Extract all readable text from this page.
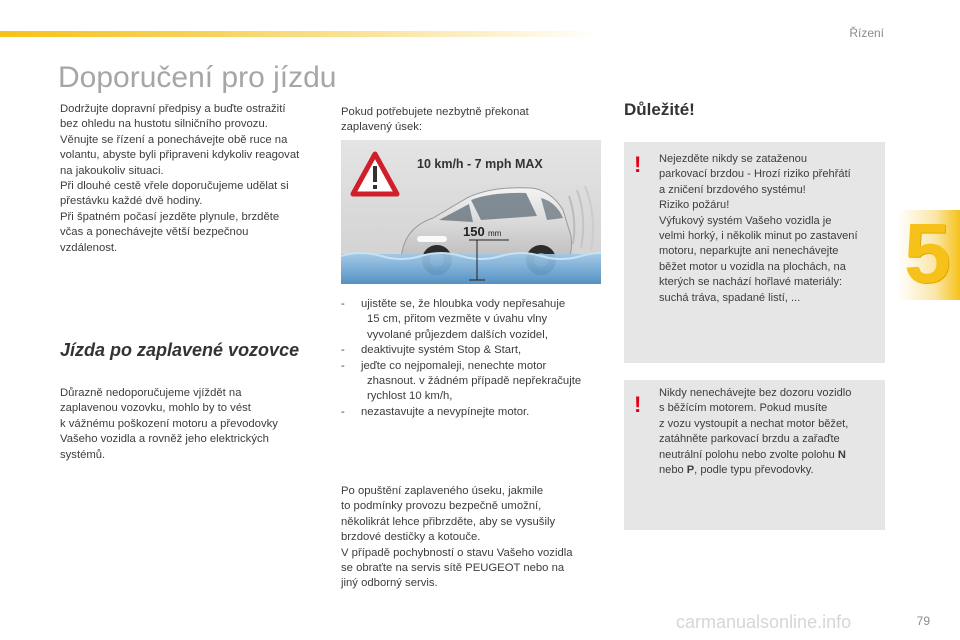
Řízení
5
Doporučení pro jízdu
Dodržujte dopravní předpisy a buďte ostražití
bez ohledu na hustotu silničního provozu.
Věnujte se řízení a ponechávejte obě ruce na
volantu, abyste byli připraveni kdykoliv reagovat
na jakoukoliv situaci.
Při dlouhé cestě vřele doporučujeme udělat si
přestávku každé dvě hodiny.
Při špatném počasí jezděte plynule, brzděte
včas a ponechávejte větší bezpečnou
vzdálenost.
Jízda po zaplavené vozovce
Důrazně nedoporučujeme vjíždět na
zaplavenou vozovku, mohlo by to vést
k vážnému poškození motoru a převodovky
Vašeho vozidla a rovněž jeho elektrických
systémů.
Pokud potřebujete nezbytně překonat
zaplavený úsek:
10 km/h - 7 mph MAX
150 mm
-	ujistěte se, že hloubka vody nepřesahuje
15 cm, přitom vezměte v úvahu vlny
vyvolané průjezdem dalších vozidel,
-	deaktivujte systém Stop & Start,
-	jeďte co nejpomaleji, nenechte motor
zhasnout. v žádném případě nepřekračujte
rychlost 10 km/h,
-	nezastavujte a nevypínejte motor.
Po opuštění zaplaveného úseku, jakmile
to podmínky provozu bezpečně umožní,
několikrát lehce přibrzděte, aby se vysušily
brzdové destičky a kotouče.
V případě pochybností o stavu Vašeho vozidla
se obraťte na servis sítě PEUGEOT nebo na
jiný odborný servis.
Důležité!
! Nejezděte nikdy se zataženou
parkovací brzdou - Hrozí riziko přehřátí
a zničení brzdového systému!
Riziko požáru!
Výfukový systém Vašeho vozidla je
velmi horký, i několik minut po zastavení
motoru, neparkujte ani nenechávejte
běžet motor u vozidla na plochách, na
kterých se nachází hořlavé materiály:
suchá tráva, spadané listí, ...
! Nikdy nenechávejte bez dozoru vozidlo
s běžícím motorem. Pokud musíte
z vozu vystoupit a nechat motor běžet,
zatáhněte parkovací brzdu a zařaďte
neutrální polohu nebo zvolte polohu N
nebo P, podle typu převodovky.
79
carmanualsonline.info
